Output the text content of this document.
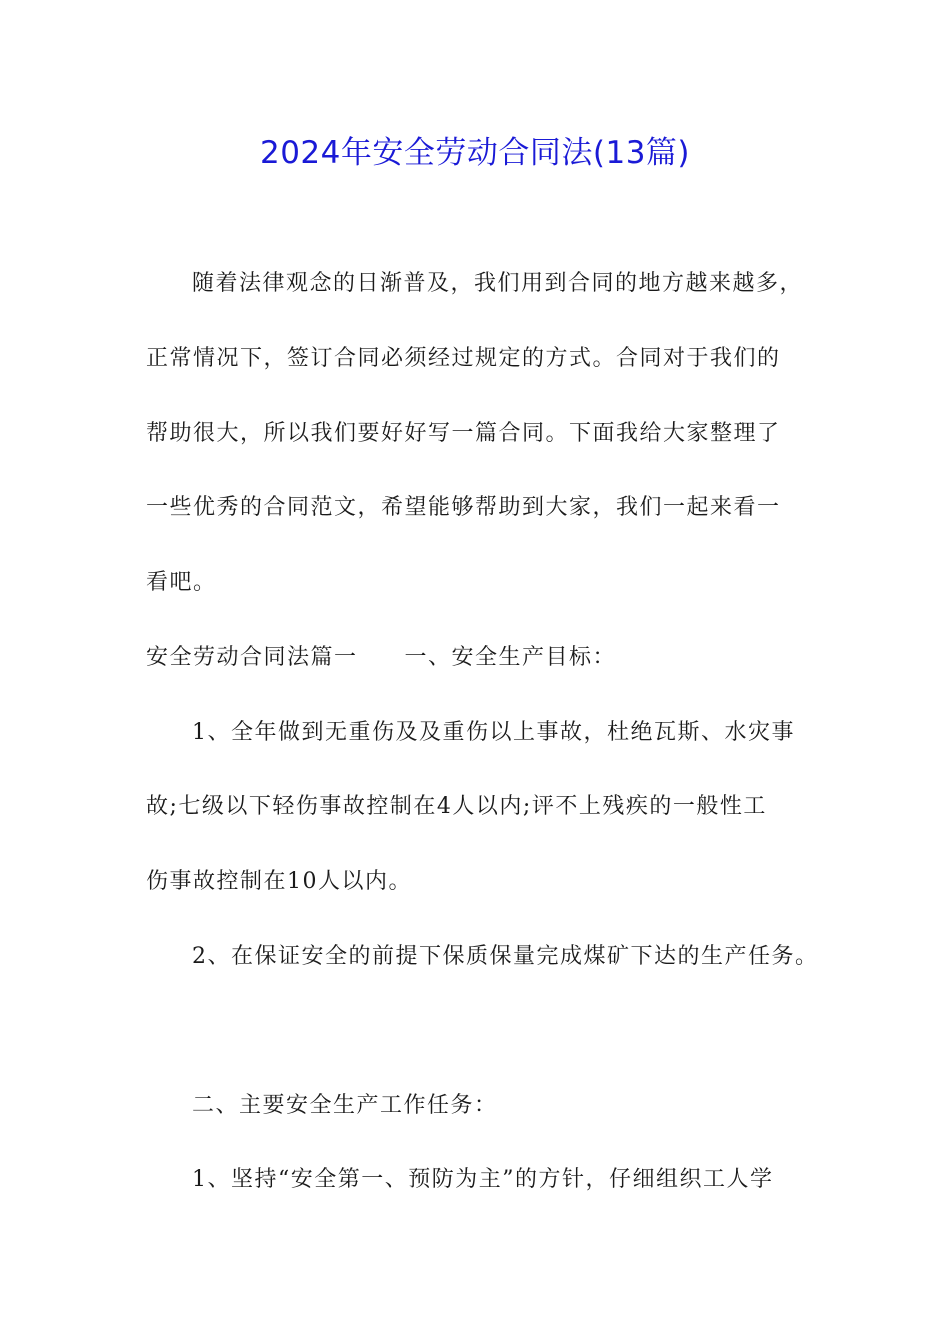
2024年安全劳动合同法(13篇)
随着法律观念的日渐普及，我们用到合同的地方越来越多，
正常情况下，签订合同必须经过规定的方式。合同对于我们的
帮助很大，所以我们要好好写一篇合同。下面我给大家整理了
一些优秀的合同范文，希望能够帮助到大家，我们一起来看一
看吧。
安全劳动合同法篇一　　一、安全生产目标：
1、全年做到无重伤及及重伤以上事故，杜绝瓦斯、水灾事
故;七级以下轻伤事故控制在4人以内;评不上残疾的一般性工
伤事故控制在10人以内。
2、在保证安全的前提下保质保量完成煤矿下达的生产任务。
二、主要安全生产工作任务：
1、坚持“安全第一、预防为主”的方针，仔细组织工人学
